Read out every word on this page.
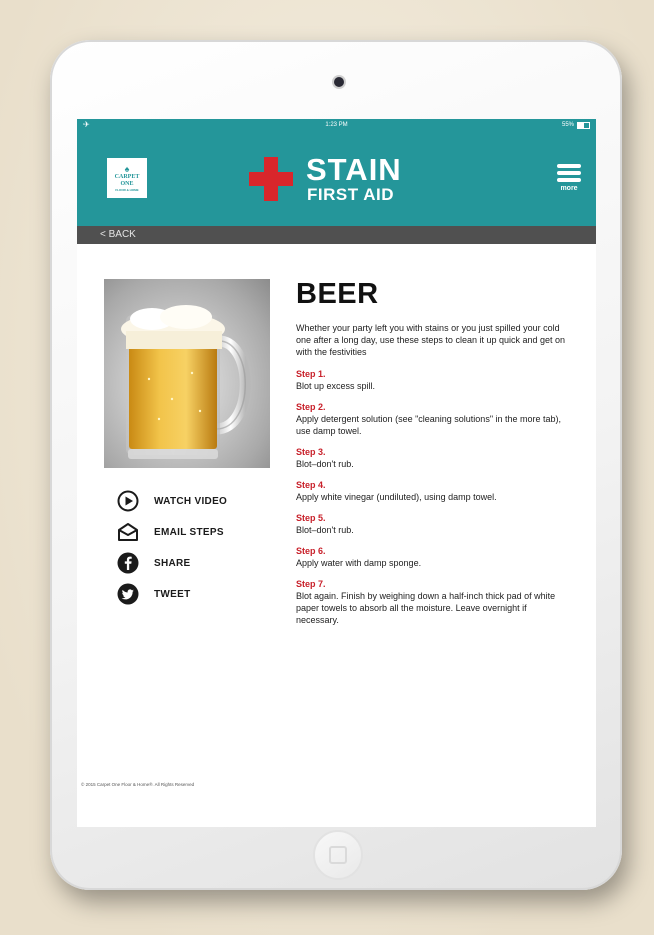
✈	1:23 PM	55%
♠
CARPET
ONE
FLOOR & HOME
STAIN
FIRST AID	more
< BACK
WATCH VIDEO
EMAIL STEPS
SHARE
TWEET
BEER

Whether your party left you with stains or you just spilled your cold one after a long day, use these steps to clean it up quick and get on with the festivities

Step 1.
Blot up excess spill.
Step 2.
Apply detergent solution (see "cleaning solutions" in the more tab), use damp towel.
Step 3.
Blot–don't rub.
Step 4.
Apply white vinegar (undiluted), using damp towel.
Step 5.
Blot–don't rub.
Step 6.
Apply water with damp sponge.
Step 7.
Blot again. Finish by weighing down a half-inch thick pad of white paper towels to absorb all the moisture. Leave overnight if necessary.
© 2015 Carpet One Floor & Home®. All Rights Reserved
